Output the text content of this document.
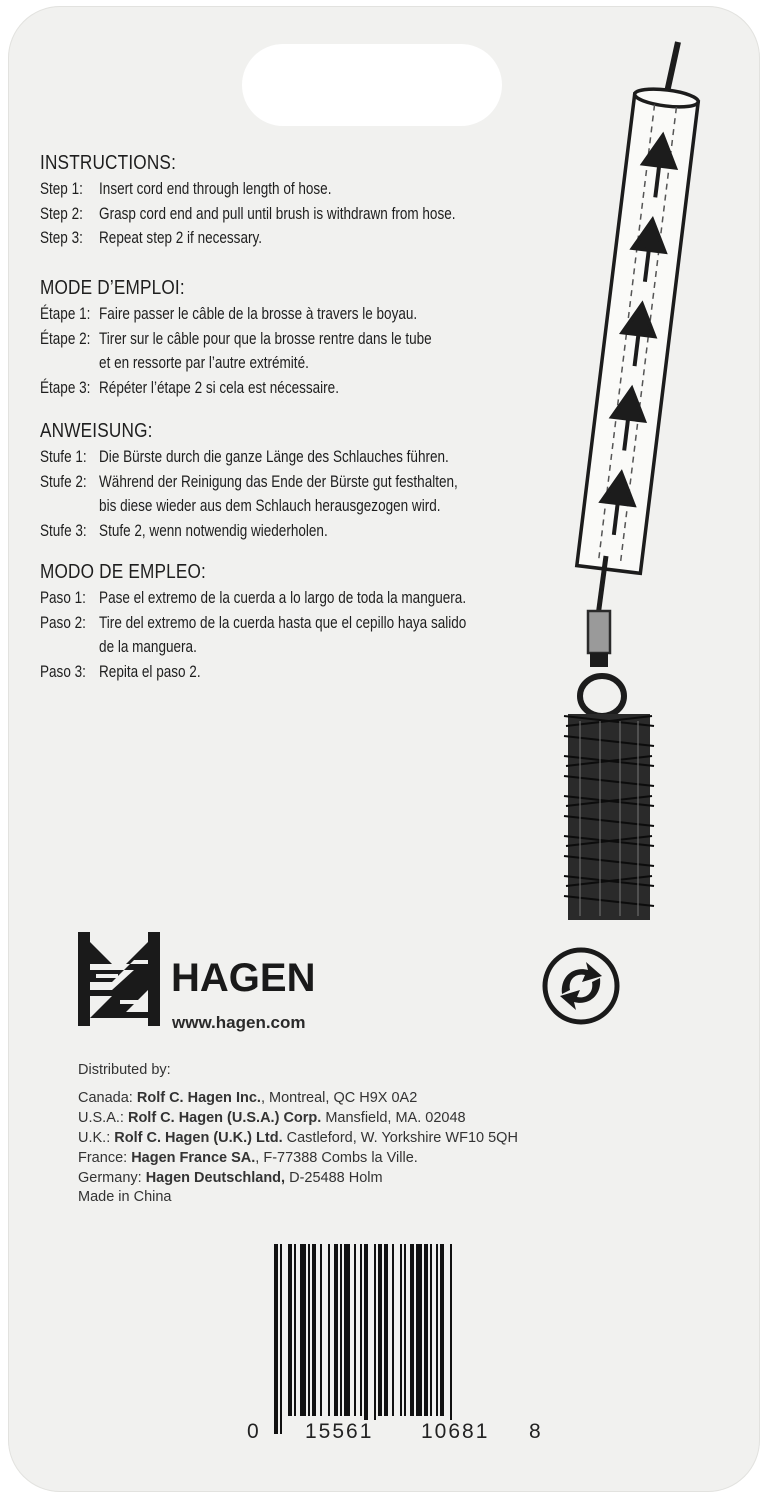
INSTRUCTIONS:
Step 1: Insert cord end through length of hose.
Step 2: Grasp cord end and pull until brush is withdrawn from hose.
Step 3: Repeat step 2 if necessary.
MODE D’EMPLOI:
Étape 1: Faire passer le câble de la brosse à travers le boyau.
Étape 2: Tirer sur le câble pour que la brosse rentre dans le tube
et en ressorte par l’autre extrémité.
Étape 3: Répéter l’étape 2 si cela est nécessaire.
ANWEISUNG:
Stufe 1: Die Bürste durch die ganze Länge des Schlauches führen.
Stufe 2: Während der Reinigung das Ende der Bürste gut festhalten,
bis diese wieder aus dem Schlauch herausgezogen wird.
Stufe 3: Stufe 2, wenn notwendig wiederholen.
MODO DE EMPLEO:
Paso 1: Pase el extremo de la cuerda a lo largo de toda la manguera.
Paso 2: Tire del extremo de la cuerda hasta que el cepillo haya salido
de la manguera.
Paso 3: Repita el paso 2.
HAGEN
www.hagen.com
Distributed by:
Canada: Rolf C. Hagen Inc., Montreal, QC H9X 0A2
U.S.A.: Rolf C. Hagen (U.S.A.) Corp. Mansfield, MA. 02048
U.K.: Rolf C. Hagen (U.K.) Ltd. Castleford, W. Yorkshire WF10 5QH
France: Hagen France SA., F-77388 Combs la Ville.
Germany: Hagen Deutschland, D-25488 Holm
Made in China
0 15561 10681 8
